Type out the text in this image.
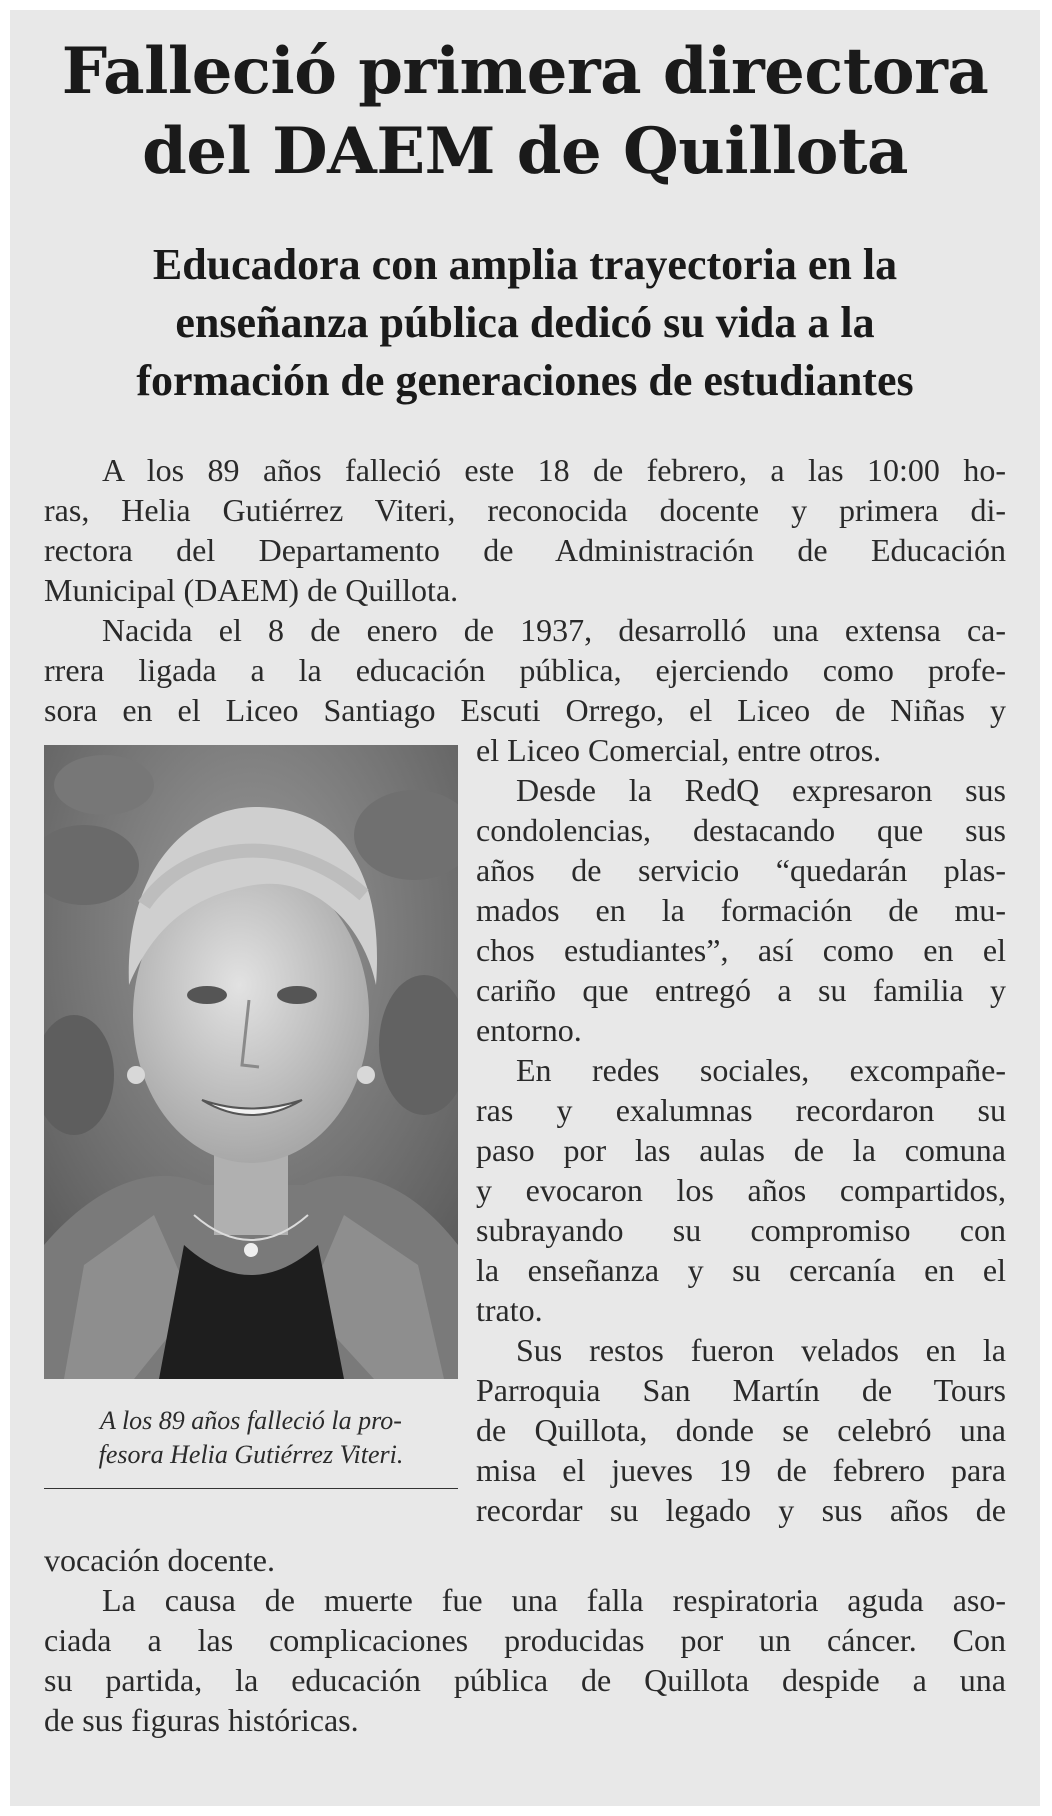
Falleció primera directora
del DAEM de Quillota
Educadora con amplia trayectoria en la
enseñanza pública dedicó su vida a la
formación de generaciones de estudiantes
A los 89 años falleció este 18 de febrero, a las 10:00 ho-
ras, Helia Gutiérrez Viteri, reconocida docente y primera di-
rectora del Departamento de Administración de Educación
Municipal (DAEM) de Quillota.
Nacida el 8 de enero de 1937, desarrolló una extensa ca-
rrera ligada a la educación pública, ejerciendo como profe-
sora en el Liceo Santiago Escuti Orrego, el Liceo de Niñas y
A los 89 años falleció la pro-
fesora Helia Gutiérrez Viteri.
el Liceo Comercial, entre otros.
Desde la RedQ expresaron sus
condolencias, destacando que sus
años de servicio “quedarán plas-
mados en la formación de mu-
chos estudiantes”, así como en el
cariño que entregó a su familia y
entorno.
En redes sociales, excompañe-
ras y exalumnas recordaron su
paso por las aulas de la comuna
y evocaron los años compartidos,
subrayando su compromiso con
la enseñanza y su cercanía en el
trato.
Sus restos fueron velados en la
Parroquia San Martín de Tours
de Quillota, donde se celebró una
misa el jueves 19 de febrero para
recordar su legado y sus años de
vocación docente.
La causa de muerte fue una falla respiratoria aguda aso-
ciada a las complicaciones producidas por un cáncer. Con
su partida, la educación pública de Quillota despide a una
de sus figuras históricas.
